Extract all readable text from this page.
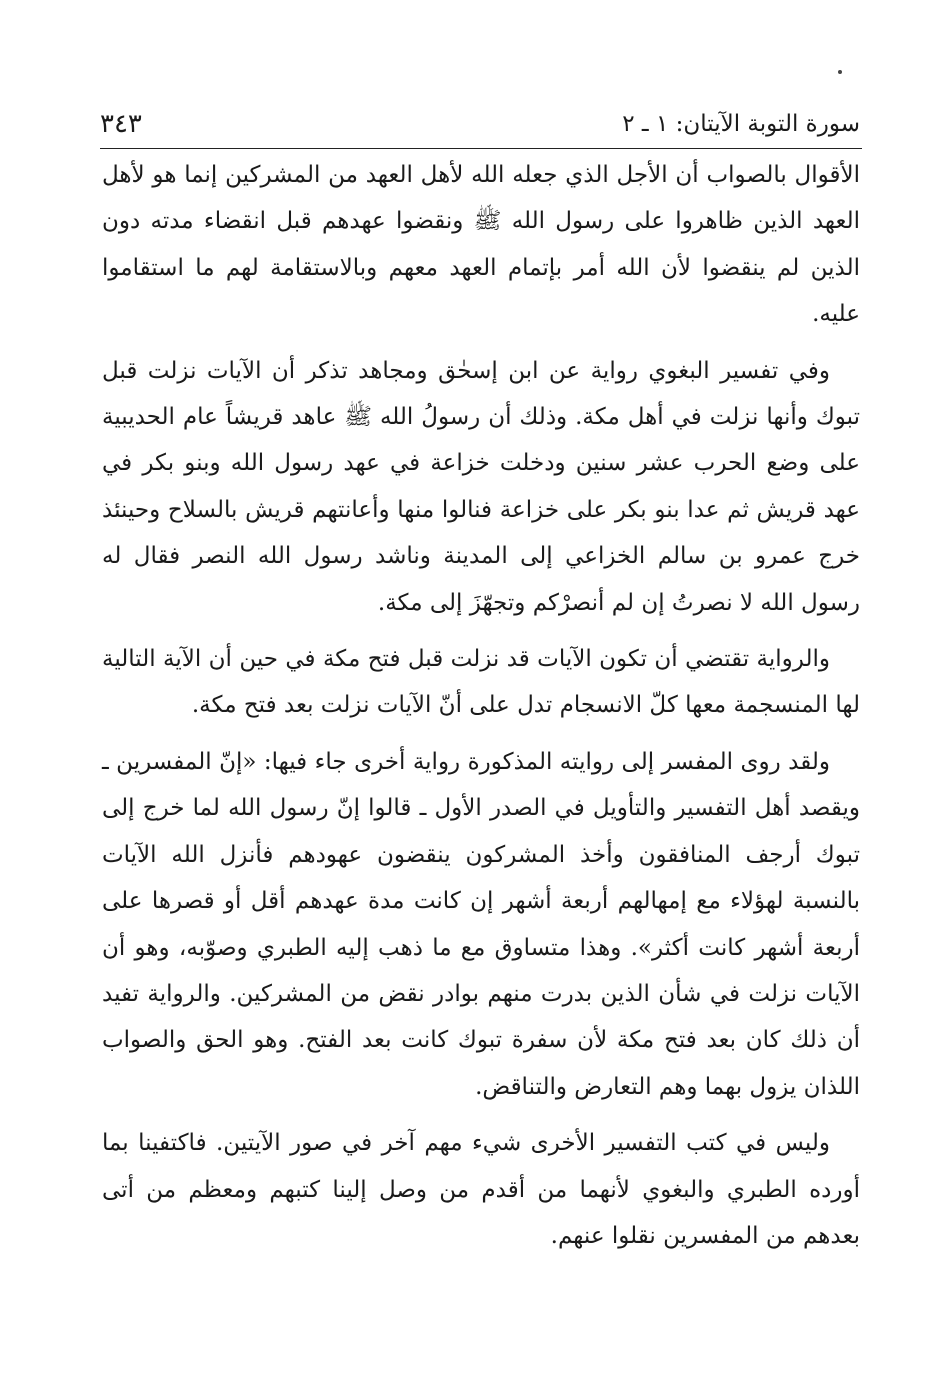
سورة التوبة الآيتان: ١ ـ ٢
٣٤٣

الأقوال بالصواب أن الأجل الذي جعله الله لأهل العهد من المشركين إنما هو لأهل العهد الذين ظاهروا على رسول الله ﷺ ونقضوا عهدهم قبل انقضاء مدته دون الذين لم ينقضوا لأن الله أمر بإتمام العهد معهم وبالاستقامة لهم ما استقاموا عليه.

وفي تفسير البغوي رواية عن ابن إسحٰق ومجاهد تذكر أن الآيات نزلت قبل تبوك وأنها نزلت في أهل مكة. وذلك أن رسولُ الله ﷺ عاهد قريشاً عام الحديبية على وضع الحرب عشر سنين ودخلت خزاعة في عهد رسول الله وبنو بكر في عهد قريش ثم عدا بنو بكر على خزاعة فنالوا منها وأعانتهم قريش بالسلاح وحينئذ خرج عمرو بن سالم الخزاعي إلى المدينة وناشد رسول الله النصر فقال له رسول الله لا نصرتُ إن لم أنصرْكم وتجهّزَ إلى مكة.

والرواية تقتضي أن تكون الآيات قد نزلت قبل فتح مكة في حين أن الآية التالية لها المنسجمة معها كلّ الانسجام تدل على أنّ الآيات نزلت بعد فتح مكة.

ولقد روى المفسر إلى روايته المذكورة رواية أخرى جاء فيها: «إنّ المفسرين ـ ويقصد أهل التفسير والتأويل في الصدر الأول ـ قالوا إنّ رسول الله لما خرج إلى تبوك أرجف المنافقون وأخذ المشركون ينقضون عهودهم فأنزل الله الآيات بالنسبة لهؤلاء مع إمهالهم أربعة أشهر إن كانت مدة عهدهم أقل أو قصرها على أربعة أشهر كانت أكثر». وهذا متساوق مع ما ذهب إليه الطبري وصوّبه، وهو أن الآيات نزلت في شأن الذين بدرت منهم بوادر نقض من المشركين. والرواية تفيد أن ذلك كان بعد فتح مكة لأن سفرة تبوك كانت بعد الفتح. وهو الحق والصواب اللذان يزول بهما وهم التعارض والتناقض.

وليس في كتب التفسير الأخرى شيء مهم آخر في صور الآيتين. فاكتفينا بما أورده الطبري والبغوي لأنهما من أقدم من وصل إلينا كتبهم ومعظم من أتى بعدهم من المفسرين نقلوا عنهم.
